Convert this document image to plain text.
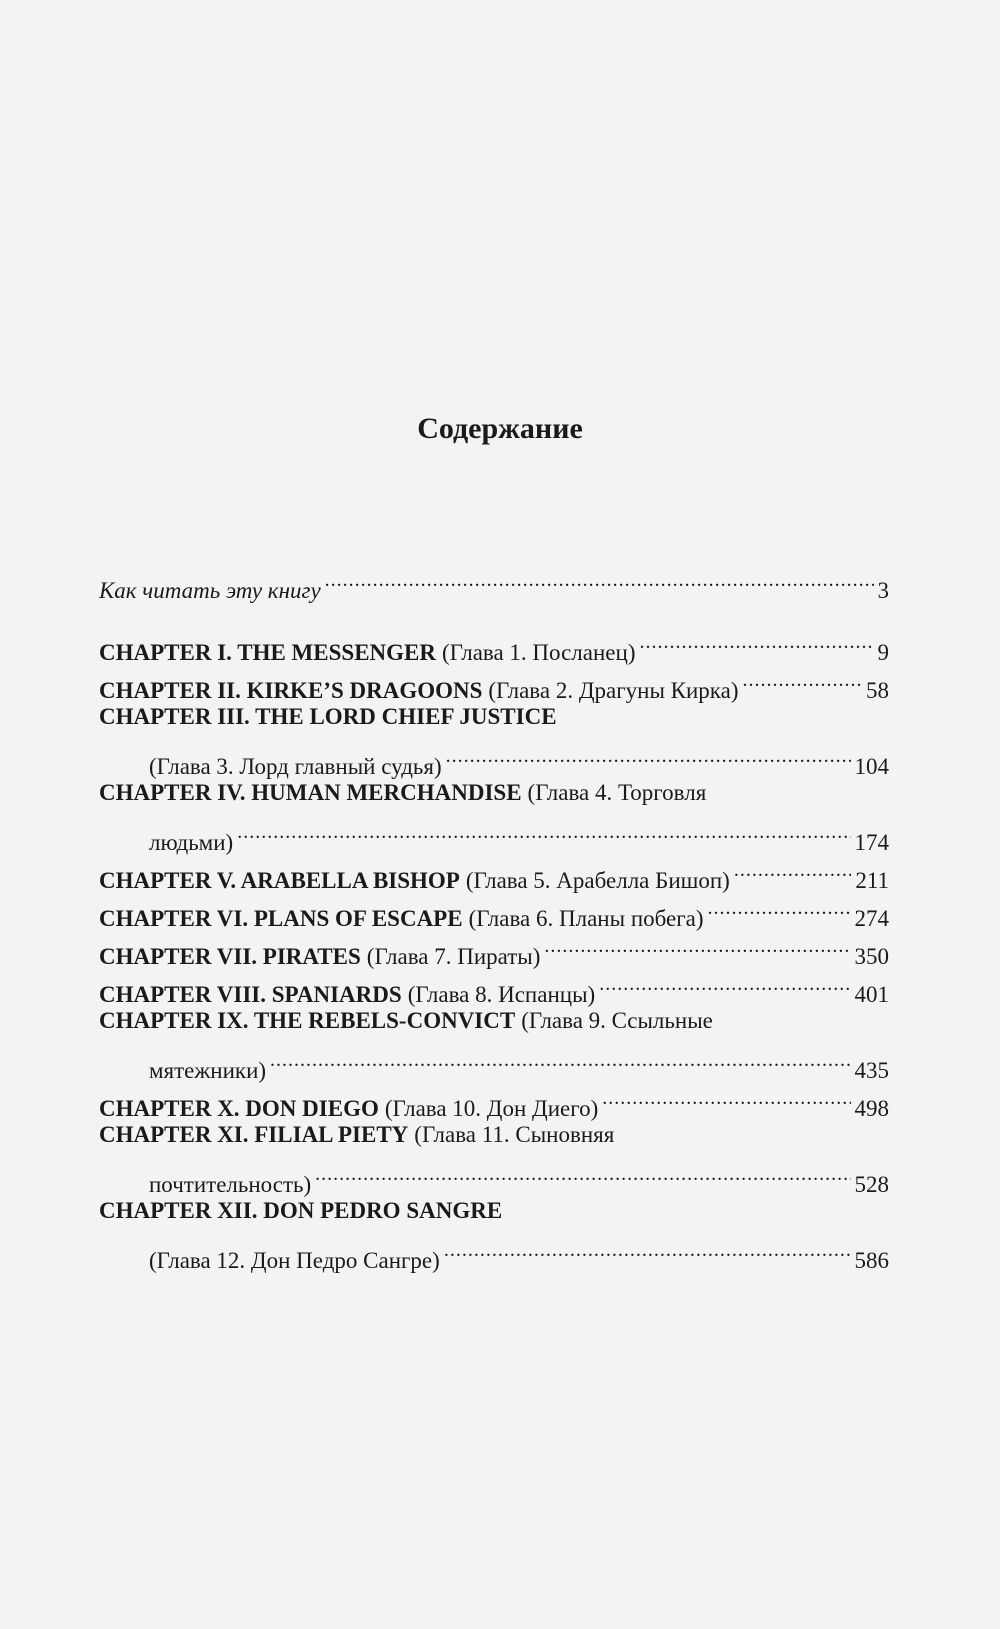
Содержание
Как читать эту книгу .....	3
CHAPTER I. THE MESSENGER (Глава 1. Посланец) .....	9
CHAPTER II. KIRKE’S DRAGOONS (Глава 2. Драгуны Кирка) .....	58
CHAPTER III. THE LORD CHIEF JUSTICE
(Глава 3. Лорд главный судья) .....	104
CHAPTER IV. HUMAN MERCHANDISE (Глава 4. Торговля
людьми) .....	174
CHAPTER V. ARABELLA BISHOP (Глава 5. Арабелла Бишоп) .....	211
CHAPTER VI. PLANS OF ESCAPE (Глава 6. Планы побега) .....	274
CHAPTER VII. PIRATES (Глава 7. Пираты) .....	350
CHAPTER VIII. SPANIARDS (Глава 8. Испанцы) .....	401
CHAPTER IX. THE REBELS-CONVICT (Глава 9. Ссыльные
мятежники) .....	435
CHAPTER X. DON DIEGO (Глава 10. Дон Диего) .....	498
CHAPTER XI. FILIAL PIETY (Глава 11. Сыновняя
почтительность) .....	528
CHAPTER XII. DON PEDRO SANGRE
(Глава 12. Дон Педро Сангре) .....	586
